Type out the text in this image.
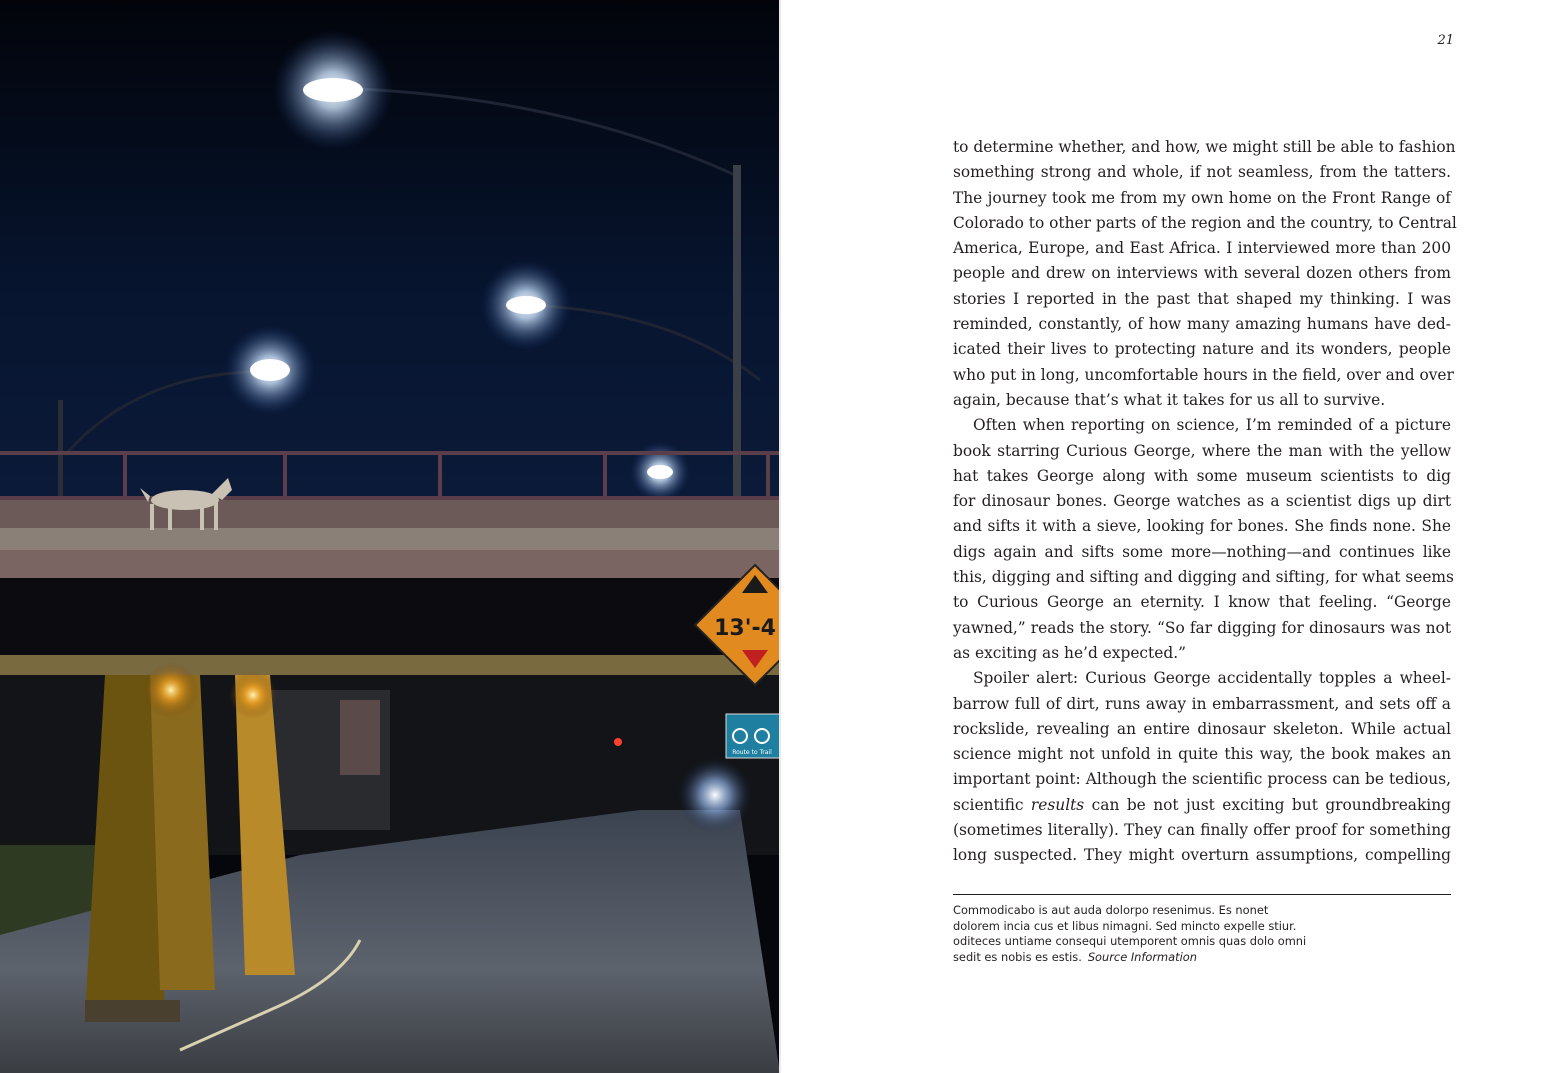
13'-4
Route to Trail
21
to determine whether, and how, we might still be able to fashion
something strong and whole, if not seamless, from the tatters.
The journey took me from my own home on the Front Range of
Colorado to other parts of the region and the country, to Central
America, Europe, and East Africa. I interviewed more than 200
people and drew on interviews with several dozen others from
stories I reported in the past that shaped my thinking. I was
reminded, constantly, of how many amazing humans have ded-
icated their lives to protecting nature and its wonders, people
who put in long, uncomfortable hours in the field, over and over
again, because that’s what it takes for us all to survive.
Often when reporting on science, I’m reminded of a picture
book starring Curious George, where the man with the yellow
hat takes George along with some museum scientists to dig
for dinosaur bones. George watches as a scientist digs up dirt
and sifts it with a sieve, looking for bones. She finds none. She
digs again and sifts some more—nothing—and continues like
this, digging and sifting and digging and sifting, for what seems
to Curious George an eternity. I know that feeling. “George
yawned,” reads the story. “So far digging for dinosaurs was not
as exciting as he’d expected.”
Spoiler alert: Curious George accidentally topples a wheel-
barrow full of dirt, runs away in embarrassment, and sets off a
rockslide, revealing an entire dinosaur skeleton. While actual
science might not unfold in quite this way, the book makes an
important point: Although the scientific process can be tedious,
scientific results can be not just exciting but groundbreaking
(sometimes literally). They can finally offer proof for something
long suspected. They might overturn assumptions, compelling
Commodicabo is aut auda dolorpo resenimus. Es nonet
dolorem incia cus et libus nimagni. Sed mincto expelle stiur.
oditeces untiame consequi utemporent omnis quas dolo omni
sedit es nobis es estis. Source Information
